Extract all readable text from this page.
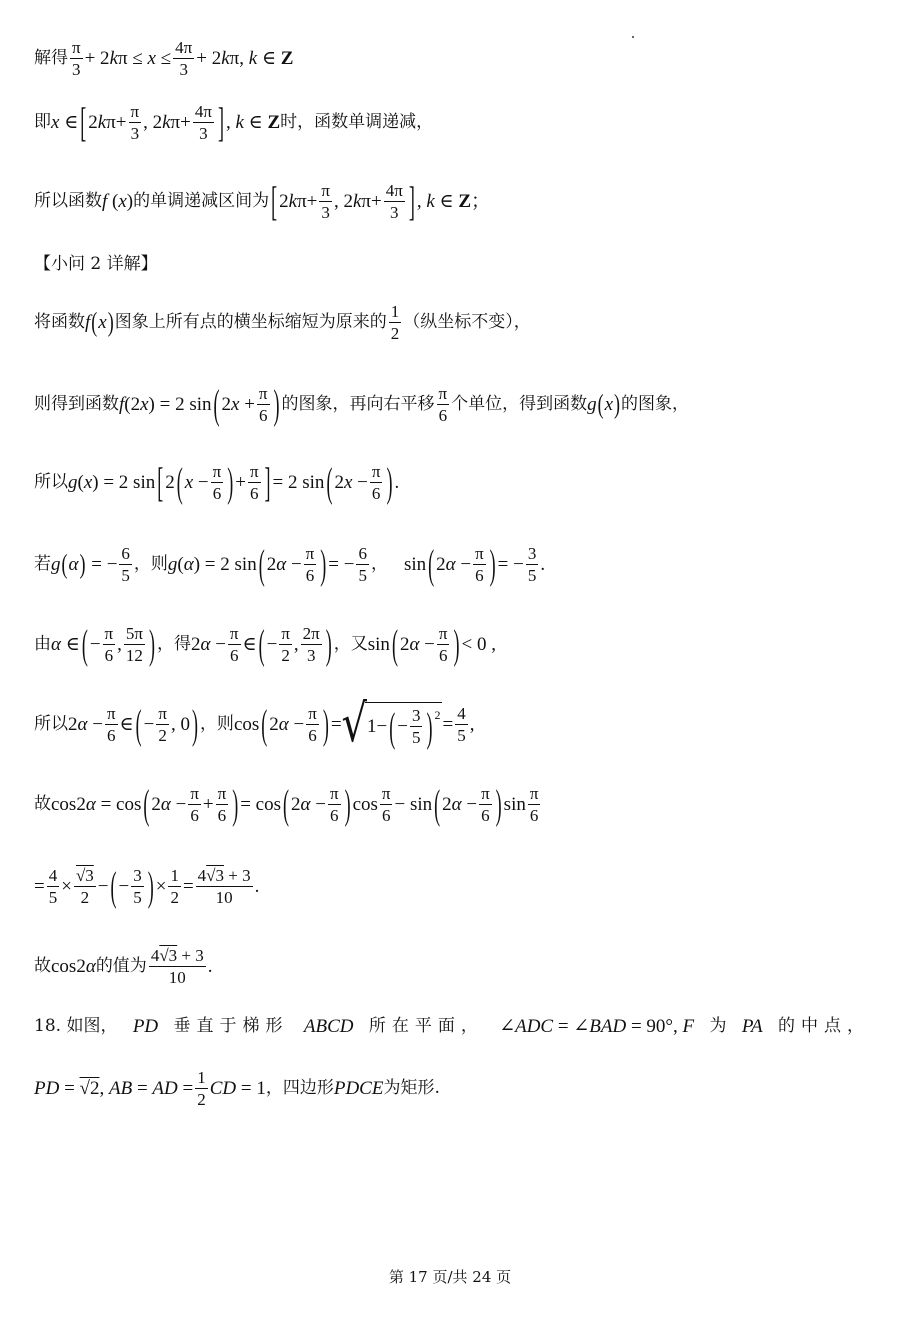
解得 $\frac{\pi}{3} + 2k\pi \le x \le \frac{4\pi}{3} + 2k\pi$, k ∈ Z
即 x ∈ [ $2k\pi+ \frac{\pi}{3}$ , $2k\pi+ \frac{4\pi}{3}$ ] , k ∈ Z 时，函数单调递减，
所以函数 f (x) 的单调递减区间为 [ $2k\pi+ \frac{\pi}{3}$ , $2k\pi+ \frac{4\pi}{3}$ ] , k ∈ Z；
【小问 2 详解】
将函数 f(x) 图象上所有点的横坐标缩短为原来的 $\frac{1}{2}$ （纵坐标不变），
则得到函数 f(2x) = 2 sin ( $2x + \frac{\pi}{6}$ ) 的图象，再向右平移 $\frac{\pi}{6}$ 个单位，得到函数 g(x) 的图象，
所以 g(x) = 2 sin [ 2 ( $x - \frac{\pi}{6}$ ) + $\frac{\pi}{6}$ ] = 2 sin ( $2x - \frac{\pi}{6}$ ) .
若 g(α) = − $\frac{6}{5}$ ，则 g(α) = 2 sin ( $2\alpha - \frac{\pi}{6}$ ) = − $\frac{6}{5}$ ， sin ( $2\alpha - \frac{\pi}{6}$ ) = − $\frac{3}{5}$ .
由 α ∈ ( − $\frac{\pi}{6}$ , $\frac{5\pi}{12}$ ) ，得 $2\alpha - \frac{\pi}{6}$ ∈ ( − $\frac{\pi}{2}$ , $\frac{2\pi}{3}$ ) ，又 sin ( $2\alpha - \frac{\pi}{6}$ ) < 0 ,
所以 $2\alpha - \frac{\pi}{6}$ ∈ ( − $\frac{\pi}{2}$ , 0 ) ，则 cos ( $2\alpha - \frac{\pi}{6}$ ) = √ 1− ( − $\frac{3}{5}$ ) $2 = \frac{4}{5}$ ,
故 cos2α = cos ( $2\alpha - \frac{\pi}{6} + \frac{\pi}{6}$ ) = cos ( $2\alpha - \frac{\pi}{6}$ ) $\cos \frac{\pi}{6} - \sin$ ( $2\alpha - \frac{\pi}{6}$ ) $\sin \frac{\pi}{6}$
= $\frac{4}{5} \times \frac{√3}{2}$ − ( − $\frac{3}{5}$ ) × $\frac{1}{2} = \frac{4√3 + 3}{10}$ .
故 cos2α 的值为 $\frac{4√3 + 3}{10}$ .
18. 如图， PD 垂直于梯形 ABCD 所在平面， ∠ADC = ∠BAD = 90°, F 为 PA 的中点，
PD = √2, AB = AD = $\frac{1}{2}$ CD = 1 ，四边形 PDCE 为矩形.
第 17 页/共 24 页
